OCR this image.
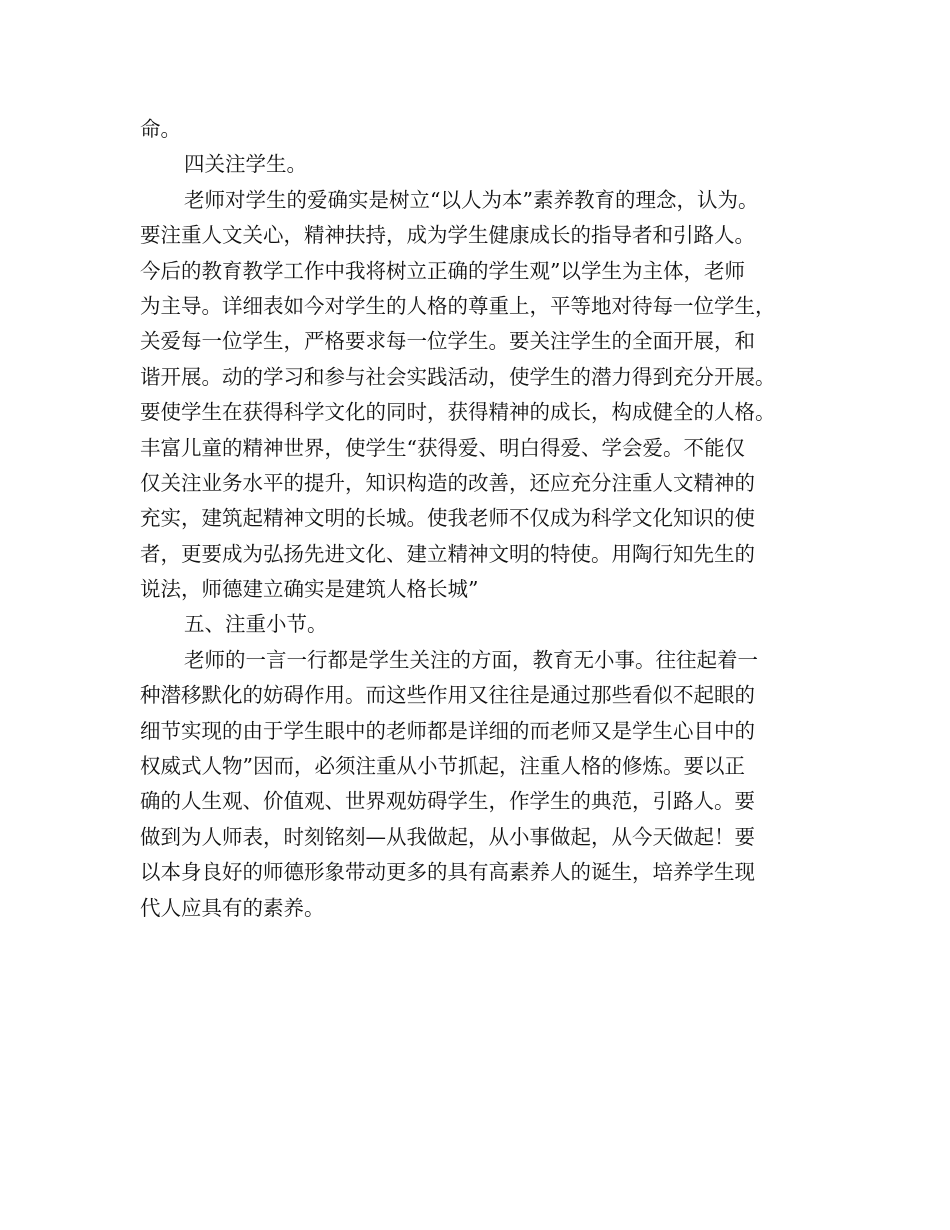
命。
四关注学生。
老师对学生的爱确实是树立“以人为本”素养教育的理念，认为。
要注重人文关心，精神扶持，成为学生健康成长的指导者和引路人。
今后的教育教学工作中我将树立正确的学生观”以学生为主体，老师
为主导。详细表如今对学生的人格的尊重上，平等地对待每一位学生，
关爱每一位学生，严格要求每一位学生。要关注学生的全面开展，和
谐开展。动的学习和参与社会实践活动，使学生的潜力得到充分开展。
要使学生在获得科学文化的同时，获得精神的成长，构成健全的人格。
丰富儿童的精神世界，使学生“获得爱、明白得爱、学会爱。不能仅
仅关注业务水平的提升，知识构造的改善，还应充分注重人文精神的
充实，建筑起精神文明的长城。使我老师不仅成为科学文化知识的使
者，更要成为弘扬先进文化、建立精神文明的特使。用陶行知先生的
说法，师德建立确实是建筑人格长城”
五、注重小节。
老师的一言一行都是学生关注的方面，教育无小事。往往起着一
种潜移默化的妨碍作用。而这些作用又往往是通过那些看似不起眼的
细节实现的由于学生眼中的老师都是详细的而老师又是学生心目中的
权威式人物”因而，必须注重从小节抓起，注重人格的修炼。要以正
确的人生观、价值观、世界观妨碍学生，作学生的典范，引路人。要
做到为人师表，时刻铭刻—从我做起，从小事做起，从今天做起！要
以本身良好的师德形象带动更多的具有高素养人的诞生，培养学生现
代人应具有的素养。
